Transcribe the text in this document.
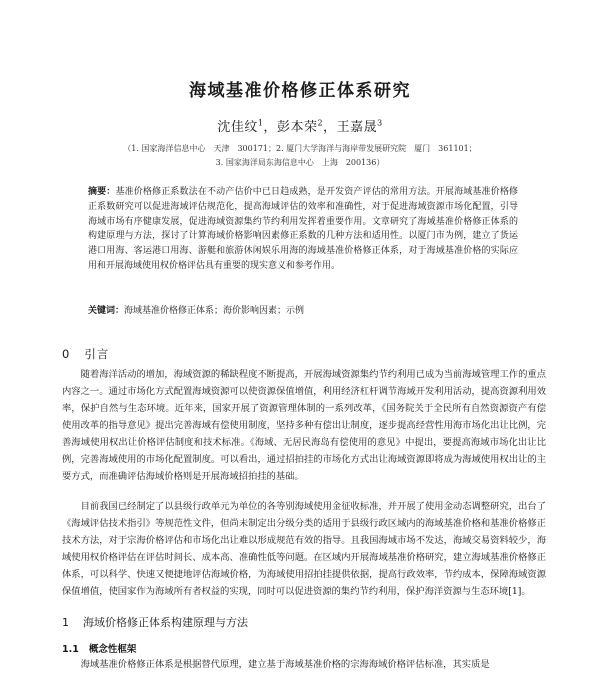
海域基准价格修正体系研究
沈佳纹$^1$，彭本荣$^2$，王嘉晟$^3$
（1. 国家海洋信息中心　天津　300171；2. 厦门大学海洋与海岸带发展研究院　厦门　361101；
3. 国家海洋局东海信息中心　上海　200136）
摘要：基准价格修正系数法在不动产估价中已日趋成熟，是开发资产评估的常用方法。开展海域基准价格修正系数研究可以促进海域评估规范化，提高海域评估的效率和准确性，对于促进海域资源市场化配置，引导海域市场有序健康发展，促进海域资源集约节约利用发挥着重要作用。文章研究了海域基准价格修正体系的构建原理与方法，探讨了计算海域价格影响因素修正系数的几种方法和适用性。以厦门市为例，建立了货运港口用海、客运港口用海、游艇和旅游休闲娱乐用海的海域基准价格修正体系，对于海域基准价格的实际应用和开展海域使用权价格评估具有重要的现实意义和参考作用。
关键词：海域基准价格修正体系；海价影响因素；示例
0 引言
随着海洋活动的增加，海域资源的稀缺程度不断提高，开展海域资源集约节约利用已成为当前海域管理工作的重点内容之一。通过市场化方式配置海域资源可以使资源保值增值，利用经济杠杆调节海域开发利用活动，提高资源利用效率，保护自然与生态环境。近年来，国家开展了资源管理体制的一系列改革，《国务院关于全民所有自然资源资产有偿使用改革的指导意见》提出完善海域有偿使用制度，坚持多种有偿出让制度，逐步提高经营性用海市场化出让比例，完善海域使用权出让价格评估制度和技术标准。《海域、无居民海岛有偿使用的意见》中提出，要提高海域市场化出让比例，完善海域使用的市场化配置制度。可以看出，通过招拍挂的市场化方式出让海域资源即将成为海域使用权出让的主要方式，而准确评估海域价格则是开展海域招拍挂的基础。
目前我国已经制定了以县级行政单元为单位的各等别海域使用金征收标准，并开展了使用金动态调整研究，出台了《海域评估技术指引》等规范性文件，但尚未制定出分级分类的适用于县级行政区域内的海域基准价格和基准价格修正技术方法，对于宗海价格评估和市场化出让难以形成规范有效的指导。且我国海域市场不发达，海域交易资料较少，海域使用权价格评估在评估时间长、成本高、准确性低等问题。在区域内开展海域基准价格研究，建立海域基准价格修正体系，可以科学、快速又便捷地评估海域价格，为海域使用招拍挂提供依据，提高行政效率，节约成本，保障海域资源保值增值，使国家作为海域所有者权益的实现，同时可以促进资源的集约节约利用，保护海洋资源与生态环境[1]。
1 海域价格修正体系构建原理与方法
1.1 概念性框架
海域基准价格修正体系是根据替代原理，建立基于海域基准价格的宗海海域价格评估标准，其实质是
